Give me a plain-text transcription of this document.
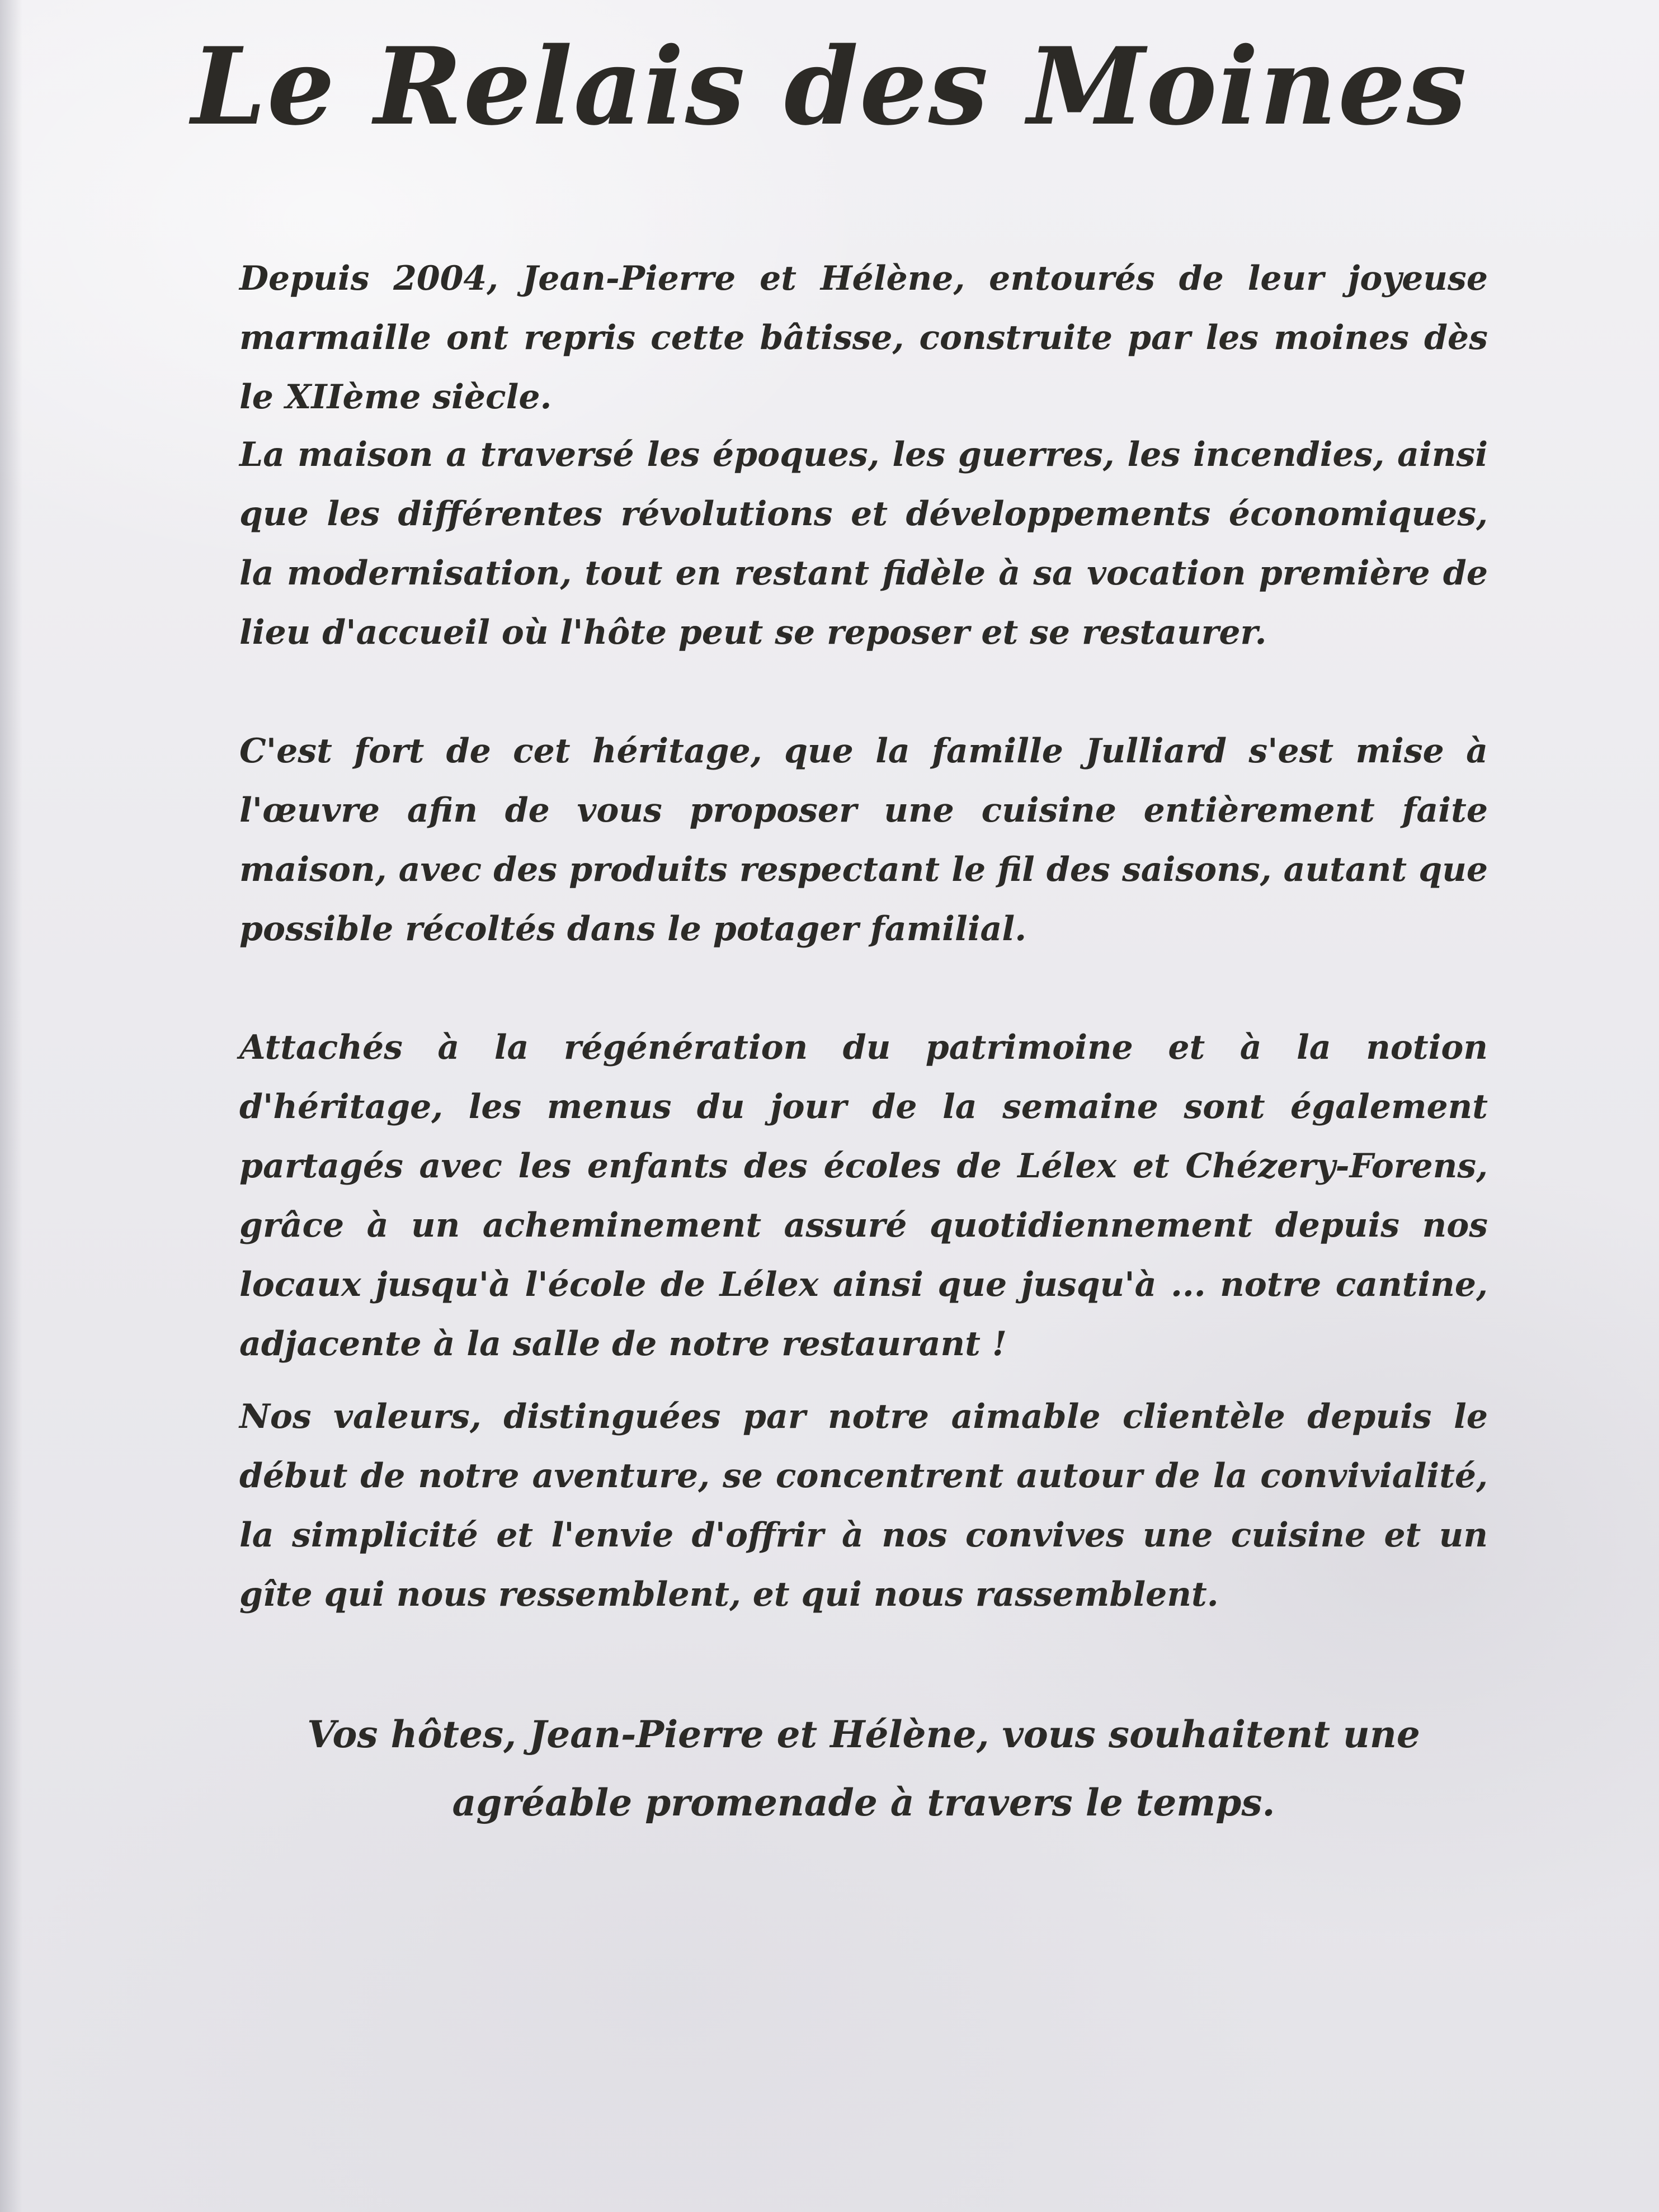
Le Relais des Moines

Depuis 2004, Jean-Pierre et Hélène, entourés de leur joyeuse marmaille ont repris cette bâtisse, construite par les moines dès le XIIème siècle.

La maison a traversé les époques, les guerres, les incendies, ainsi que les différentes révolutions et développements économiques, la modernisation, tout en restant fidèle à sa vocation première de lieu d'accueil où l'hôte peut se reposer et se restaurer.

C'est fort de cet héritage, que la famille Julliard s'est mise à l'œuvre afin de vous proposer une cuisine entièrement faite maison, avec des produits respectant le fil des saisons, autant que possible récoltés dans le potager familial.

Attachés à la régénération du patrimoine et à la notion d'héritage, les menus du jour de la semaine sont également partagés avec les enfants des écoles de Lélex et Chézery-Forens, grâce à un acheminement assuré quotidiennement depuis nos locaux jusqu'à l'école de Lélex ainsi que jusqu'à ... notre cantine, adjacente à la salle de notre restaurant !

Nos valeurs, distinguées par notre aimable clientèle depuis le début de notre aventure, se concentrent autour de la convivialité, la simplicité et l'envie d'offrir à nos convives une cuisine et un gîte qui nous ressemblent, et qui nous rassemblent.

Vos hôtes, Jean-Pierre et Hélène, vous souhaitent une
agréable promenade à travers le temps.
